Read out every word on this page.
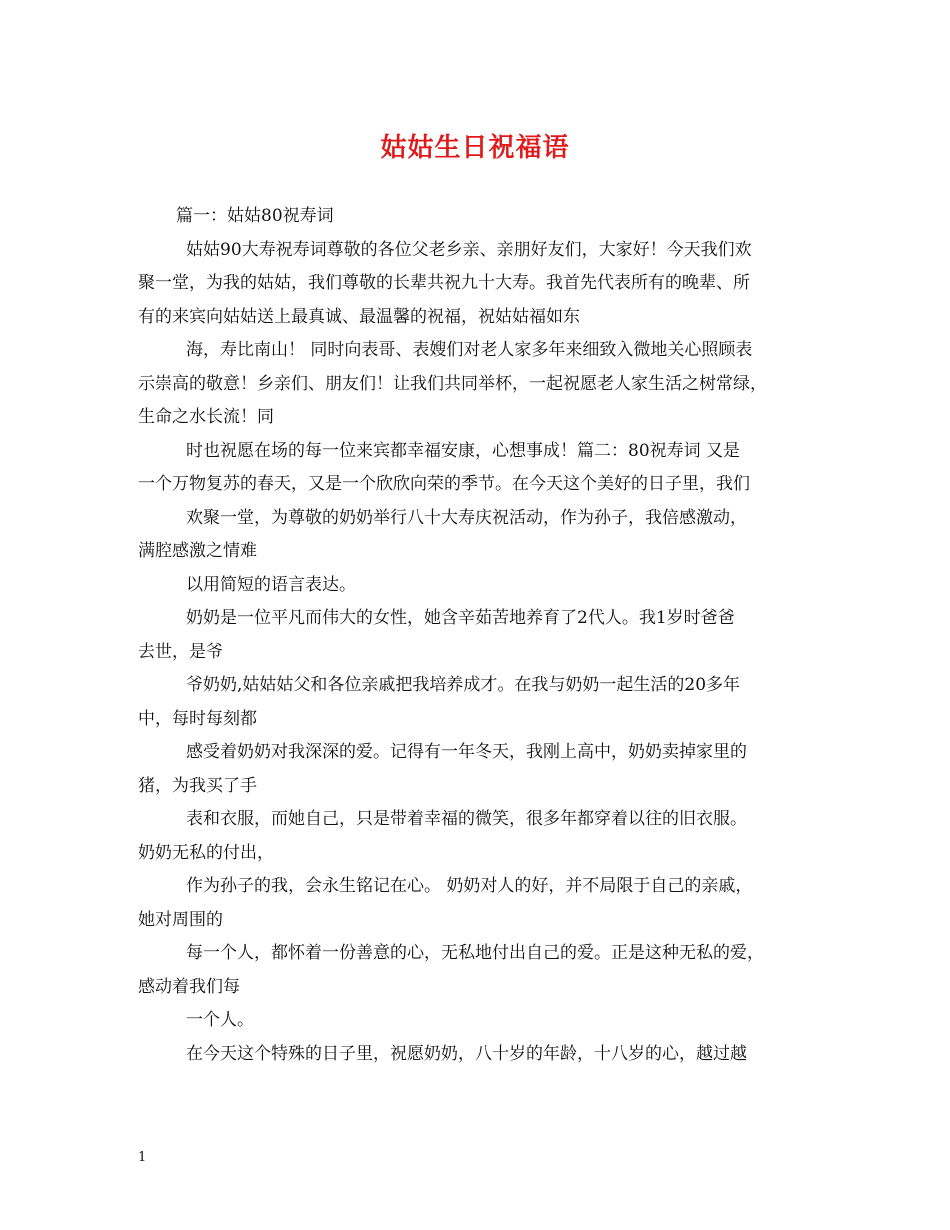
姑姑生日祝福语
篇一：姑姑80祝寿词
姑姑90大寿祝寿词尊敬的各位父老乡亲、亲朋好友们，大家好！今天我们欢
聚一堂，为我的姑姑，我们尊敬的长辈共祝九十大寿。我首先代表所有的晚辈、所
有的来宾向姑姑送上最真诚、最温馨的祝福，祝姑姑福如东
海，寿比南山！ 同时向表哥、表嫂们对老人家多年来细致入微地关心照顾表
示崇高的敬意！乡亲们、朋友们！让我们共同举杯，一起祝愿老人家生活之树常绿，
生命之水长流！同
时也祝愿在场的每一位来宾都幸福安康，心想事成！篇二：80祝寿词 又是
一个万物复苏的春天，又是一个欣欣向荣的季节。在今天这个美好的日子里，我们
欢聚一堂，为尊敬的奶奶举行八十大寿庆祝活动，作为孙子，我倍感激动，
满腔感激之情难
以用简短的语言表达。
奶奶是一位平凡而伟大的女性，她含辛茹苦地养育了2代人。我1岁时爸爸
去世，是爷
爷奶奶,姑姑姑父和各位亲戚把我培养成才。在我与奶奶一起生活的20多年
中，每时每刻都
感受着奶奶对我深深的爱。记得有一年冬天，我刚上高中，奶奶卖掉家里的
猪，为我买了手
表和衣服，而她自己，只是带着幸福的微笑，很多年都穿着以往的旧衣服。
奶奶无私的付出，
作为孙子的我，会永生铭记在心。 奶奶对人的好，并不局限于自己的亲戚，
她对周围的
每一个人，都怀着一份善意的心，无私地付出自己的爱。正是这种无私的爱，
感动着我们每
一个人。
在今天这个特殊的日子里，祝愿奶奶，八十岁的年龄，十八岁的心，越过越
1
